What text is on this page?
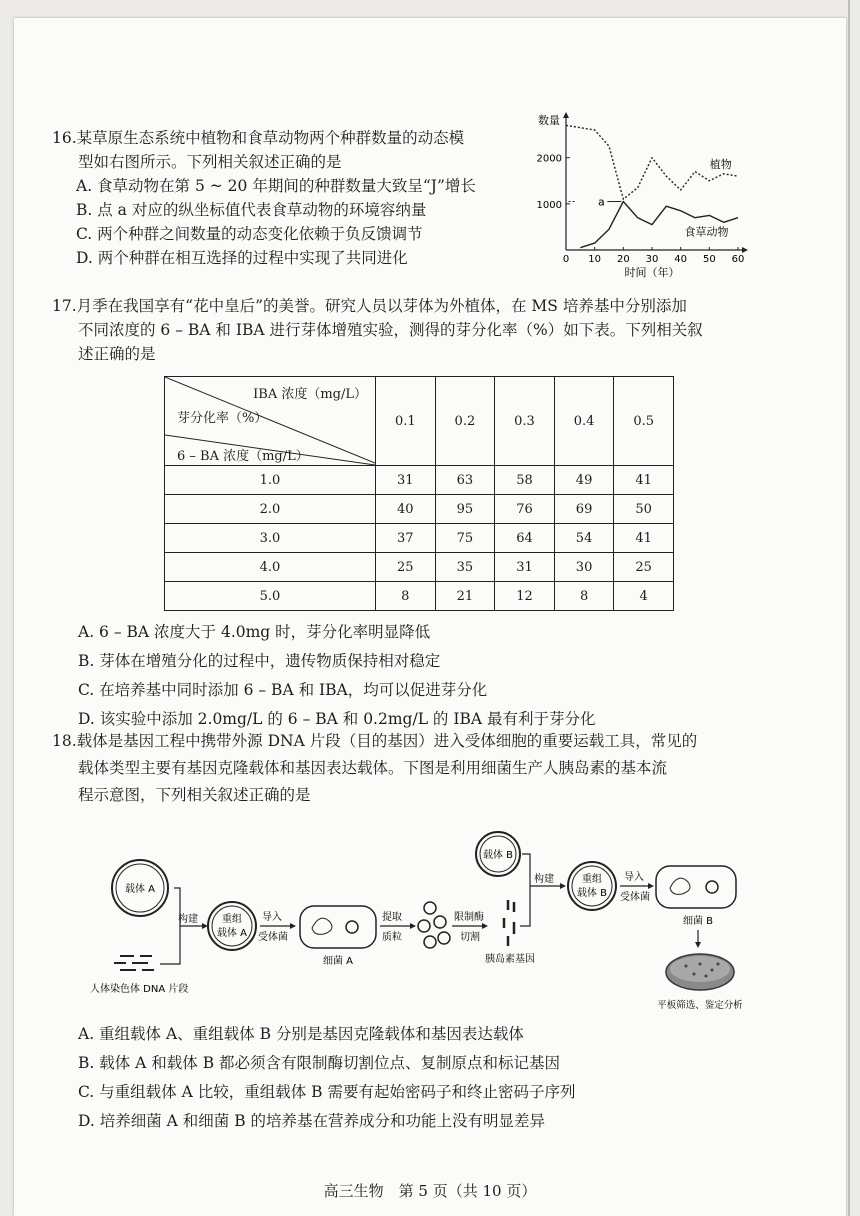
16.某草原生态系统中植物和食草动物两个种群数量的动态模
型如右图所示。下列相关叙述正确的是
A. 食草动物在第 5 ~ 20 年期间的种群数量大致呈“J”增长
B. 点 a 对应的纵坐标值代表食草动物的环境容纳量
C. 两个种群之间数量的动态变化依赖于负反馈调节
D. 两个种群在相互选择的过程中实现了共同进化
数量
1000
2000
0 10 20 30 40 50 60
时间（年）
植物
食草动物
a
17.月季在我国享有“花中皇后”的美誉。研究人员以芽体为外植体，在 MS 培养基中分别添加
不同浓度的 6 – BA 和 IBA 进行芽体增殖实验，测得的芽分化率（%）如下表。下列相关叙
述正确的是
IBA 浓度（mg/L）
芽分化率（%）
6 – BA 浓度（mg/L）	0.1	0.2	0.3	0.4	0.5
1.0	31	63	58	49	41
2.0	40	95	76	69	50
3.0	37	75	64	54	41
4.0	25	35	31	30	25
5.0	8	21	12	8	4
A. 6 – BA 浓度大于 4.0mg 时，芽分化率明显降低
B. 芽体在增殖分化的过程中，遗传物质保持相对稳定
C. 在培养基中同时添加 6 – BA 和 IBA，均可以促进芽分化
D. 该实验中添加 2.0mg/L 的 6 – BA 和 0.2mg/L 的 IBA 最有利于芽分化
18.载体是基因工程中携带外源 DNA 片段（目的基因）进入受体细胞的重要运载工具，常见的
载体类型主要有基因克隆载体和基因表达载体。下图是利用细菌生产人胰岛素的基本流
程示意图，下列相关叙述正确的是
载体 A
人体染色体 DNA 片段
构建 重组
载体 A
导入
受体菌
细菌 A
提取
质粒
限制酶
切割
胰岛素基因
载体 B
构建	重组
载体 B
导入
受体菌
细菌 B
平板筛选、鉴定分析
A. 重组载体 A、重组载体 B 分别是基因克隆载体和基因表达载体
B. 载体 A 和载体 B 都必须含有限制酶切割位点、复制原点和标记基因
C. 与重组载体 A 比较，重组载体 B 需要有起始密码子和终止密码子序列
D. 培养细菌 A 和细菌 B 的培养基在营养成分和功能上没有明显差异
高三生物　第 5 页（共 10 页）
